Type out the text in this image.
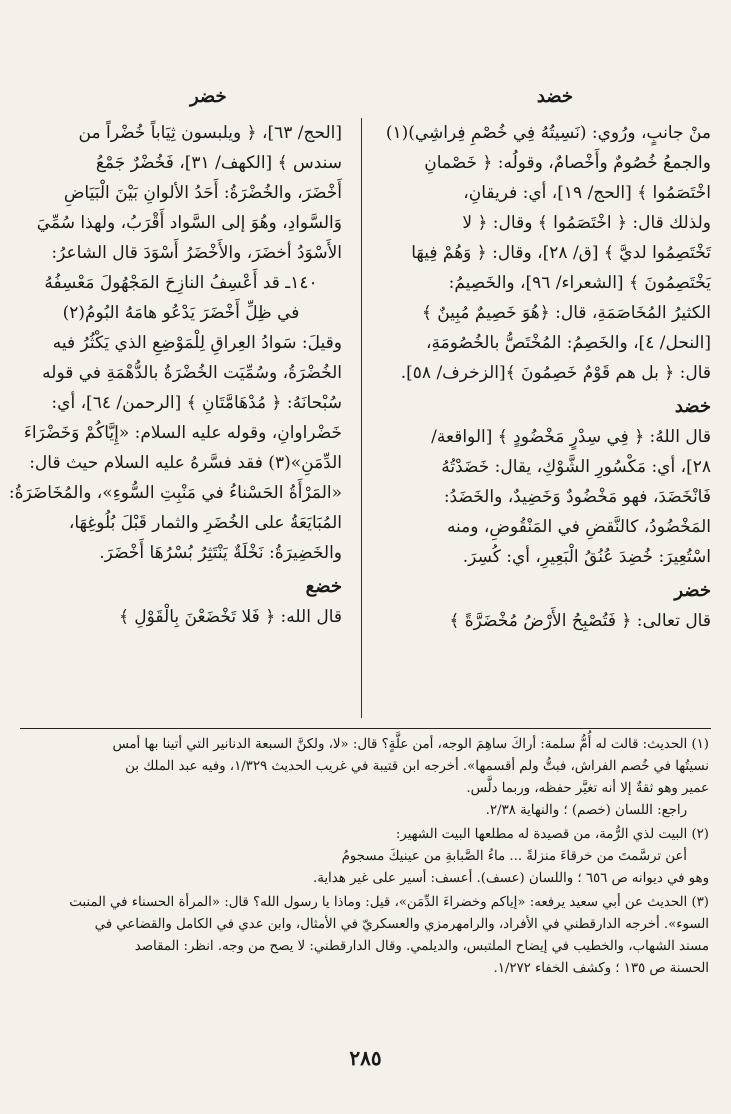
خضد
خضر
منْ جانبٍ، ورُوي: (نَسِيتُهُ فِي خُصْمِ فِراشِي)(١)
والجمعُ خُصُومٌ وأَخْصامٌ، وقولُه: ﴿ خَصْمانِ
اخْتَصَمُوا ﴾ [الحج/ ١٩]، أي: فريقانِ،
ولذلك قال: ﴿ اخْتَصَمُوا ﴾ وقال: ﴿ لا
تَخْتَصِمُوا لديَّ ﴾ [ق/ ٢٨]، وقال: ﴿ وَهُمْ فِيهَا
يَخْتَصِمُونَ ﴾ [الشعراء/ ٩٦]، والخَصِيمُ:
الكثيرُ المُخَاصَمَةِ، قال: ﴿هُوَ خَصِيمٌ مُبِينٌ ﴾
[النحل/ ٤]، والخَصِمُ: المُخْتَصُّ بالخُصُومَةِ،
قال: ﴿ بل هم قَوْمٌ خَصِمُونَ ﴾[الزخرف/ ٥٨].
خضد
قال اللهُ: ﴿ فِي سِدْرٍ مَخْضُودٍ ﴾ [الواقعة/
٢٨]، أي: مَكْسُورِ الشَّوْكِ، يقال: خَضَدْتُهُ
فَانْخَضَدَ، فهو مَخْضُودٌ وَخَضِيدٌ، والخَضَدُ:
المَخْضُودُ، كالنَّقضِ في المَنْقُوضِ، ومنه
اسْتُعِيرَ: خُضِدَ عُنُقُ الْبَعِيرِ، أي: كُسِرَ.
خضر
قال تعالى: ﴿ فَتُصْبِحُ الأَرْضُ مُخْضَرَّةً ﴾
[الحج/ ٦٣]، ﴿ ويلبسون ثِيَاباً خُضْراً من
سندس ﴾ [الكهف/ ٣١]، فَخُضْرٌ جَمْعُ
أَخْضَرَ، والخُضْرَةُ: أَحَدُ الألوانِ بَيْنَ الْبَيَاضِ
وَالسَّوادِ، وهُوَ إلى السَّواد أَقْرَبُ، ولهذا سُمِّيَ
الأَسْوَدُ أخضَرَ، والأَخْضَرُ أَسْوَدَ قال الشاعرُ:
١٤٠ـ قد أَعْسِفُ النازِحَ المَجْهُولَ مَعْسِفُهُ
في ظِلِّ أَخْضَرَ يَدْعُو هامَهُ البُومُ(٢)
وقيلَ: سَوادُ العِراقِ لِلْمَوْضِعِ الذي يَكْثُرُ فيه
الخُضْرَةُ، وسُمِّيَت الخُضْرَةُ بالدُّهْمَةِ في قوله
سُبْحانَهُ: ﴿ مُدْهَامَّتَانِ ﴾ [الرحمن/ ٦٤]، أي:
خَضْراوانِ، وقوله عليه السلام: «إِيَّاكُمْ وَخَضْرَاءَ
الدِّمَنِ»(٣) فقد فسَّرهُ عليه السلام حيث قال:
«المَرْأَةُ الحَسْناءُ في مَنْبِتِ السُّوءِ»، والمُخَاضَرَةُ:
المُبَايَعَةُ على الخُضَرِ والثمار قَبْلَ بُلُوغِهَا،
والخَضِيرَةُ: نَخْلَةٌ يَنْتَثِرُ بُسْرُهَا أَخْضَرَ.
خضع
قال الله: ﴿ فَلا تَخْضَعْنَ بِالْقَوْلِ ﴾
(١) الحديث: قالت له أُمُّ سلمة: أراكَ ساهِمَ الوجه، أمن علَّةٍ؟ قال: «لا، ولكنَّ السبعة الدنانير التي أتينا بها أمس
نسيتُها في خُصم الفراش، فبتُّ ولم أقسمها». أخرجه ابن قتيبة في غريب الحديث ١/٣٢٩، وفيه عبد الملك بن
عمير وهو ثقةٌ إلا أنه تغيَّر حفظه، وربما دلَّس.
راجع: اللسان (خصم) ؛ والنهاية ٢/٣٨.
(٢) البيت لذي الرُّمة، من قصيدة له مطلعها البيت الشهير:
أعن ترسَّمتَ من خرقاءَ منزلةً ... ماءُ الصَّبابةِ من عينيكَ مسجومُ
وهو في ديوانه ص ٦٥٦ ؛ واللسان (عسف). أعسف: أسير على غير هداية.
(٣) الحديث عن أبي سعيد يرفعه: «إياكم وخضراءَ الدِّمَن»، قيل: وماذا يا رسول الله؟ قال: «المرأة الحسناء في المنبت
السوء». أخرجه الدارقطني في الأفراد، والرامهرمزي والعسكريّ في الأمثال، وابن عدي في الكامل والقضاعي في
مسند الشهاب، والخطيب في إيضاح الملتبس، والديلمي. وقال الدارقطني: لا يصح من وجه. انظر: المقاصد
الحسنة ص ١٣٥ ؛ وكشف الخفاء ١/٢٧٢.
٢٨٥
